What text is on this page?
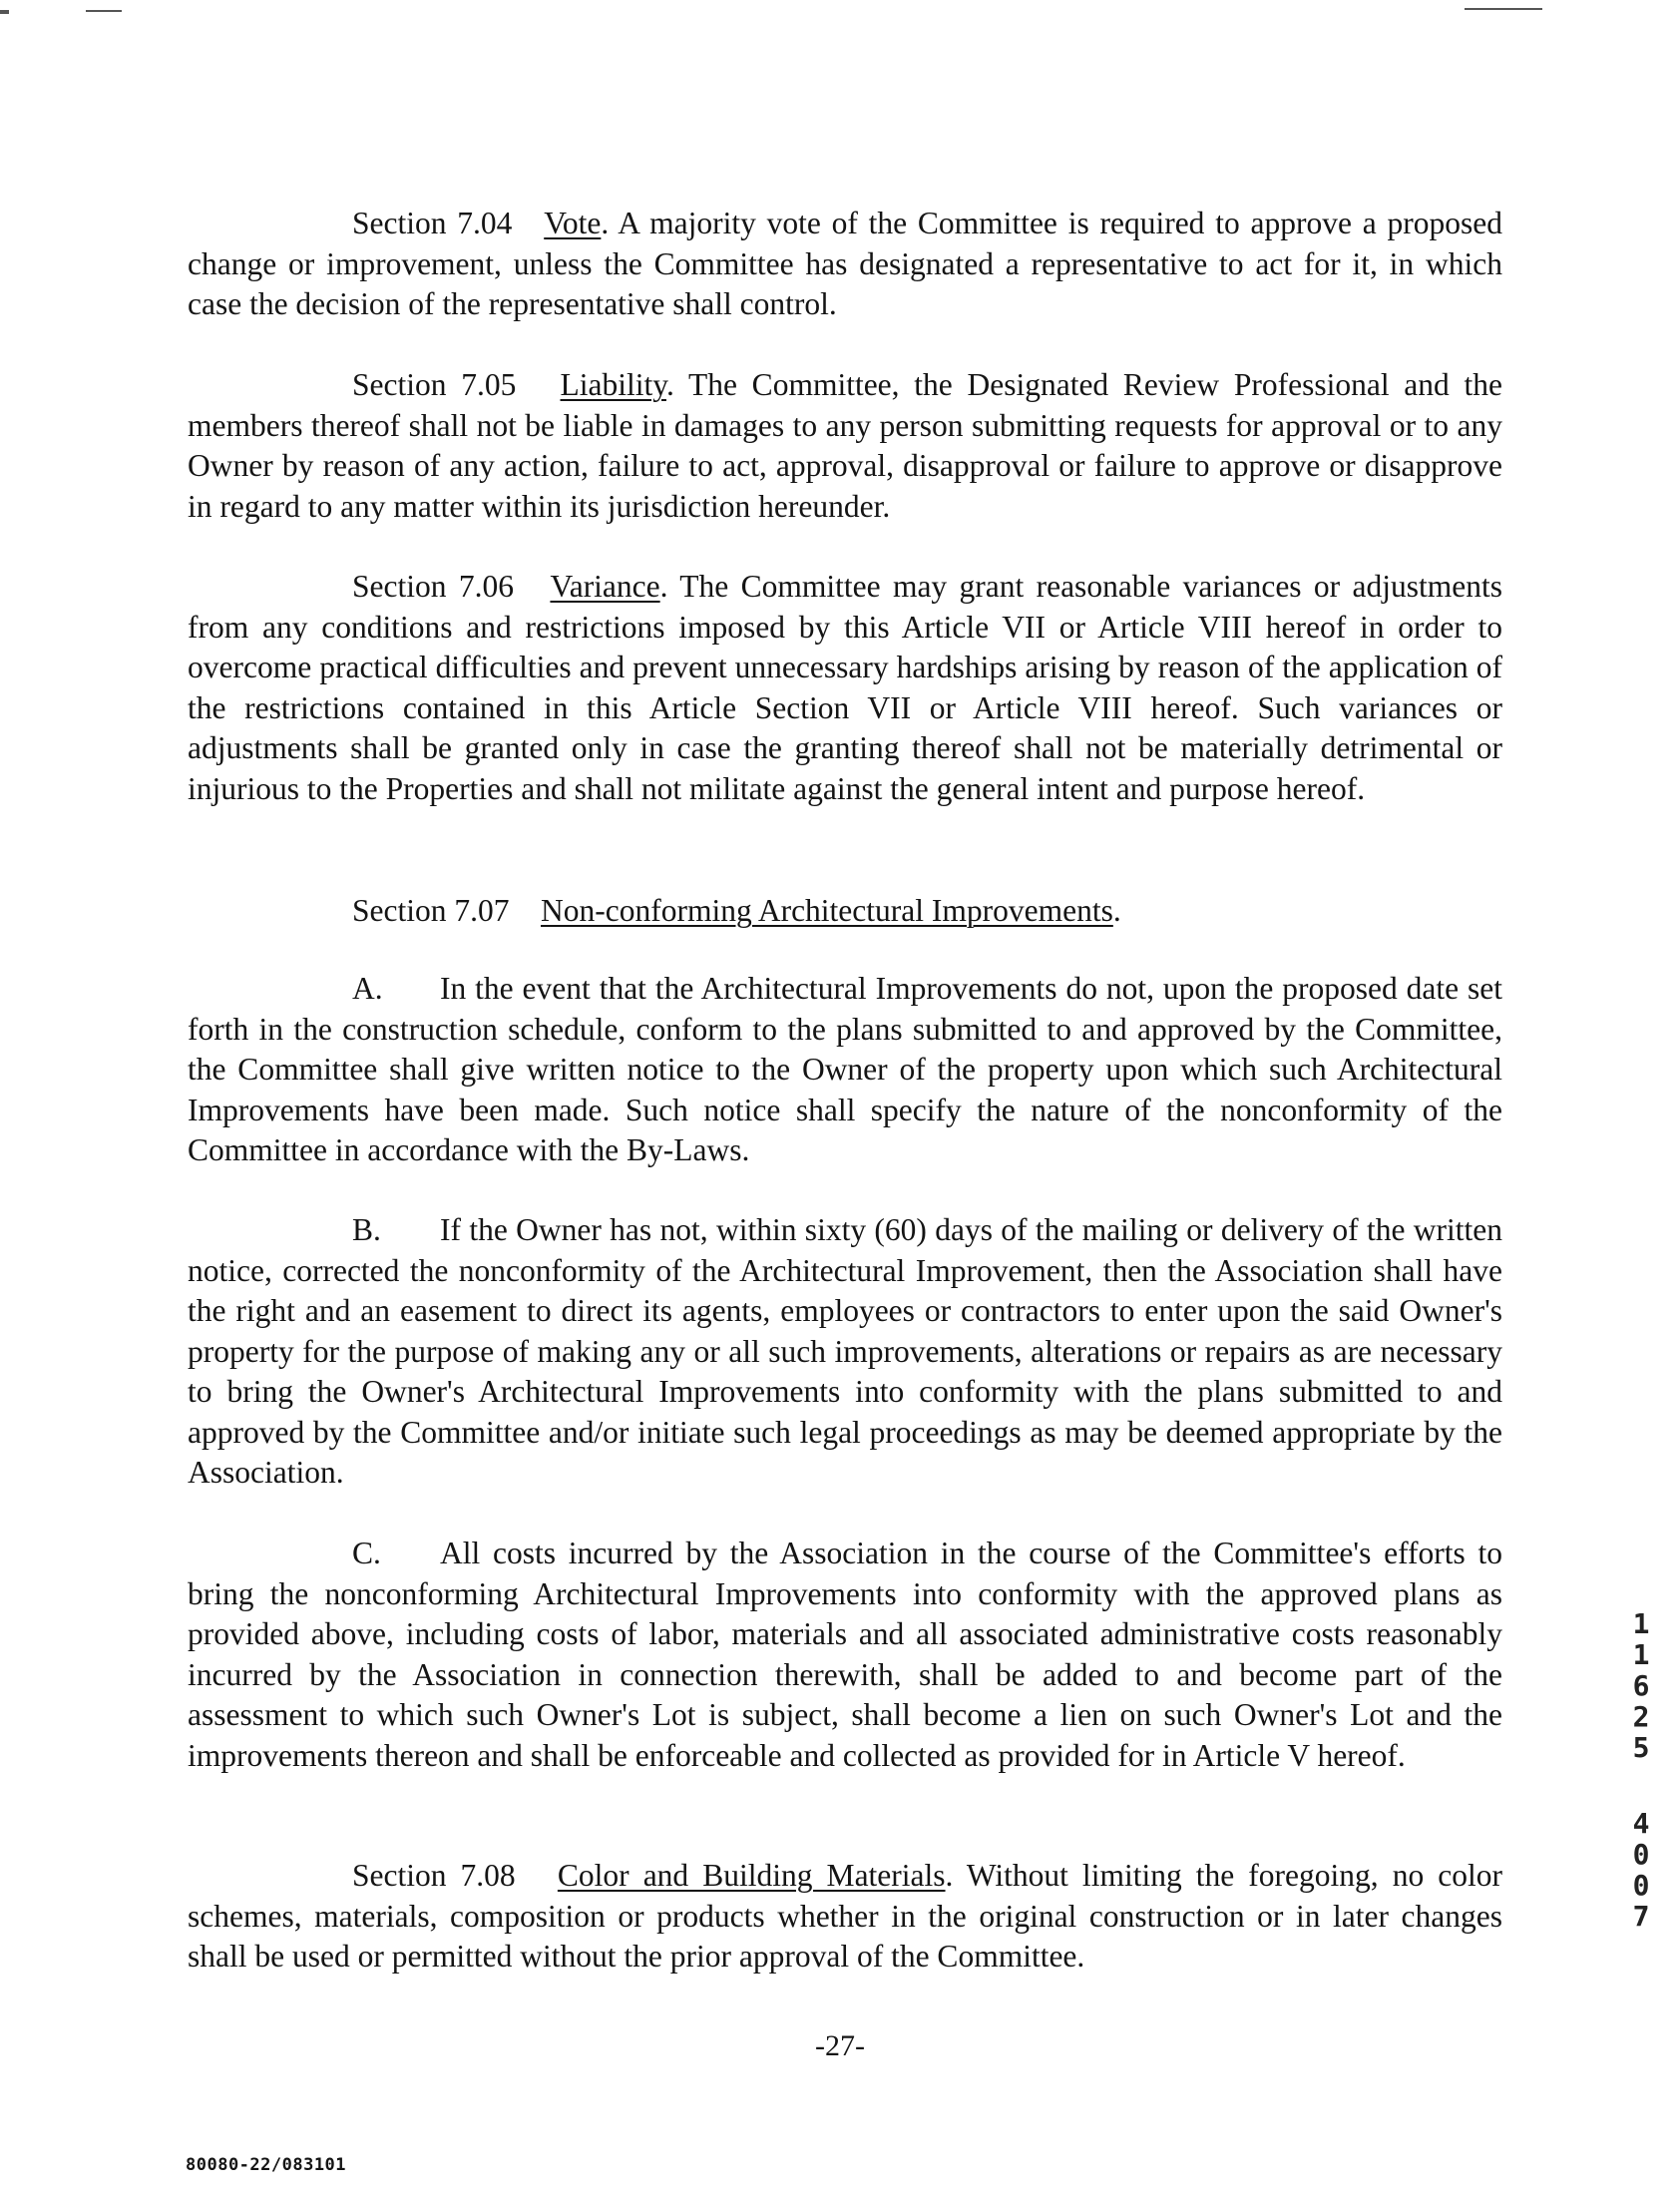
Section 7.04 Vote. A majority vote of the Committee is required to approve a proposed change or improvement, unless the Committee has designated a representative to act for it, in which case the decision of the representative shall control.

Section 7.05 Liability. The Committee, the Designated Review Professional and the members thereof shall not be liable in damages to any person submitting requests for approval or to any Owner by reason of any action, failure to act, approval, disapproval or failure to approve or disapprove in regard to any matter within its jurisdiction hereunder.

Section 7.06 Variance. The Committee may grant reasonable variances or adjustments from any conditions and restrictions imposed by this Article VII or Article VIII hereof in order to overcome practical difficulties and prevent unnecessary hardships arising by reason of the application of the restrictions contained in this Article Section VII or Article VIII hereof. Such variances or adjustments shall be granted only in case the granting thereof shall not be materially detrimental or injurious to the Properties and shall not militate against the general intent and purpose hereof.

Section 7.07 Non-conforming Architectural Improvements.

A. In the event that the Architectural Improvements do not, upon the proposed date set forth in the construction schedule, conform to the plans submitted to and approved by the Committee, the Committee shall give written notice to the Owner of the property upon which such Architectural Improvements have been made. Such notice shall specify the nature of the nonconformity of the Committee in accordance with the By-Laws.

B. If the Owner has not, within sixty (60) days of the mailing or delivery of the written notice, corrected the nonconformity of the Architectural Improvement, then the Association shall have the right and an easement to direct its agents, employees or contractors to enter upon the said Owner's property for the purpose of making any or all such improvements, alterations or repairs as are necessary to bring the Owner's Architectural Improvements into conformity with the plans submitted to and approved by the Committee and/or initiate such legal proceedings as may be deemed appropriate by the Association.

C. All costs incurred by the Association in the course of the Committee's efforts to bring the nonconforming Architectural Improvements into conformity with the approved plans as provided above, including costs of labor, materials and all associated administrative costs reasonably incurred by the Association in connection therewith, shall be added to and become part of the assessment to which such Owner's Lot is subject, shall become a lien on such Owner's Lot and the improvements thereon and shall be enforceable and collected as provided for in Article V hereof.

Section 7.08 Color and Building Materials. Without limiting the foregoing, no color schemes, materials, composition or products whether in the original construction or in later changes shall be used or permitted without the prior approval of the Committee.

-27-
80080-22/083101
1
1
6
2
5
4
0
0
7
